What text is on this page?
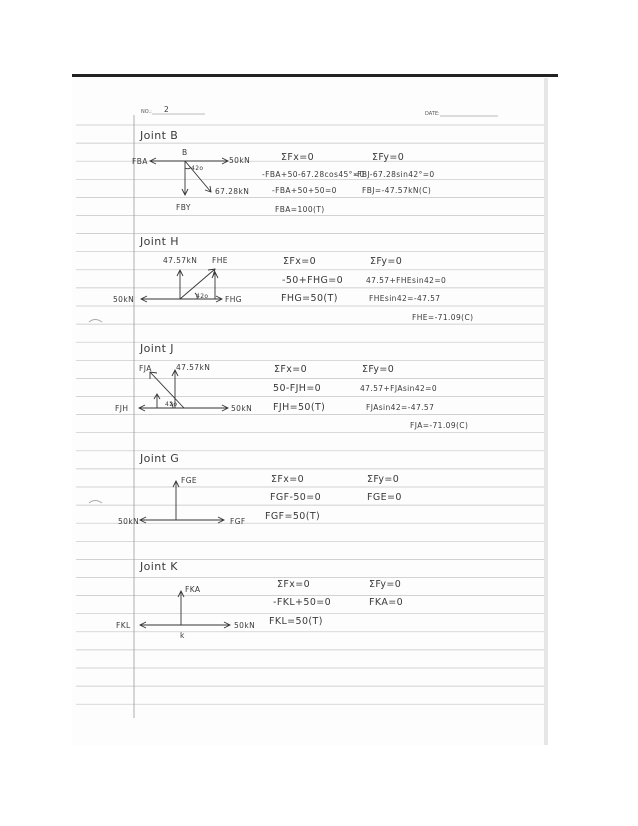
NO.: 2	DATE:
Joint B
FBA
B
50kN
42o
67.28kN
FBY
ΣFx=0
-FBA+50-67.28cos45°=0
-FBA+50+50=0
FBA=100(T)
ΣFy=0
-FBJ-67.28sin42°=0
FBJ=-47.57kN(C)
Joint H
47.57kN FHE
50kN	42o FHG
ΣFx=0
-50+FHG=0
FHG=50(T)
ΣFy=0
47.57+FHEsin42=0
FHEsin42=-47.57
FHE=-71.09(C)
Joint J
FJA	47.57kN
FJH	42o	50kN
ΣFx=0
50-FJH=0
FJH=50(T)
ΣFy=0
47.57+FJAsin42=0
FJAsin42=-47.57
FJA=-71.09(C)
Joint G
FGE
50kN	FGF
ΣFx=0
FGF-50=0
FGF=50(T)
ΣFy=0
FGE=0
Joint K
FKA
FKL
k
50kN
ΣFx=0
-FKL+50=0
FKL=50(T)
ΣFy=0
FKA=0
